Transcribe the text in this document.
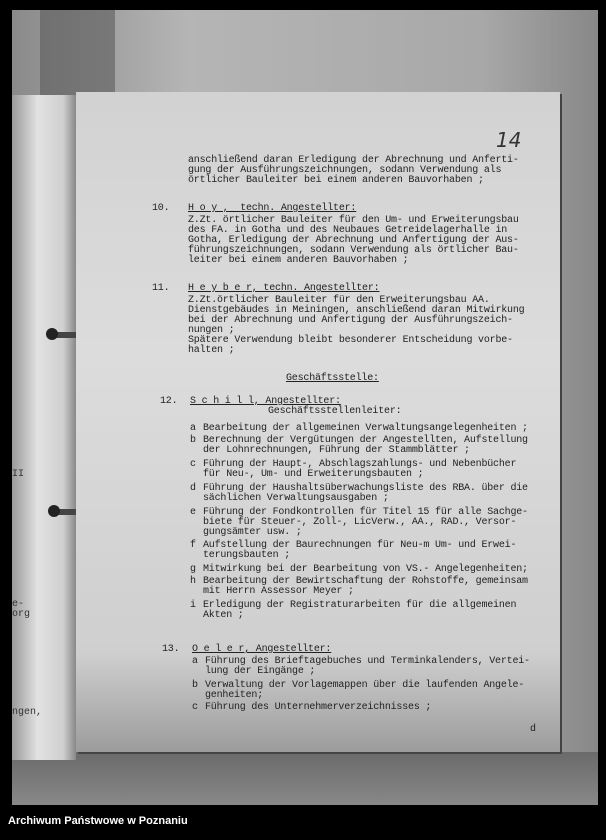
II
e-
org
ngen,
14
anschließend daran Erledigung der Abrechnung und Anferti-
gung der Ausführungszeichnungen, sodann Verwendung als
örtlicher Bauleiter bei einem anderen Bauvorhaben ;
10. H o y ,  techn. Angestellter:
Z.Zt. örtlicher Bauleiter für den Um- und Erweiterungsbau
des FA. in Gotha und des Neubaues Getreidelagerhalle in
Gotha, Erledigung der Abrechnung und Anfertigung der Aus-
führungszeichnungen, sodann Verwendung als örtlicher Bau-
leiter bei einem anderen Bauvorhaben ;
11. H e y b e r, techn. Angestellter:
Z.Zt.örtlicher Bauleiter für den Erweiterungsbau AA.
Dienstgebäudes in Meiningen, anschließend daran Mitwirkung
bei der Abrechnung und Anfertigung der Ausführungszeich-
nungen ;
Spätere Verwendung bleibt besonderer Entscheidung vorbe-
halten ;
Geschäftsstelle:
12. S c h i l l, Angestellter:
Geschäftsstellenleiter:
a Bearbeitung der allgemeinen Verwaltungsangelegenheiten ;
b Berechnung der Vergütungen der Angestellten, Aufstellung
der Lohnrechnungen, Führung der Stammblätter ;
c Führung der Haupt-, Abschlagszahlungs- und Nebenbücher
für Neu-, Um- und Erweiterungsbauten ;
d Führung der Haushaltsüberwachungsliste des RBA. über die
sächlichen Verwaltungsausgaben ;
e Führung der Fondkontrollen für Titel 15 für alle Sachge-
biete für Steuer-, Zoll-, LicVerw., AA., RAD., Versor-
gungsämter usw. ;
f Aufstellung der Baurechnungen für Neu-m Um- und Erwei-
terungsbauten ;
g Mitwirkung bei der Bearbeitung von VS.- Angelegenheiten;
h Bearbeitung der Bewirtschaftung der Rohstoffe, gemeinsam
mit Herrn Assessor Meyer ;
i Erledigung der Registraturarbeiten für die allgemeinen
Akten ;
13. O e l e r, Angestellter:
a Führung des Brieftagebuches und Terminkalenders, Vertei-
lung der Eingänge ;
b Verwaltung der Vorlagemappen über die laufenden Angele-
genheiten;
c Führung des Unternehmerverzeichnisses ;
d
Archiwum Państwowe w Poznaniu
